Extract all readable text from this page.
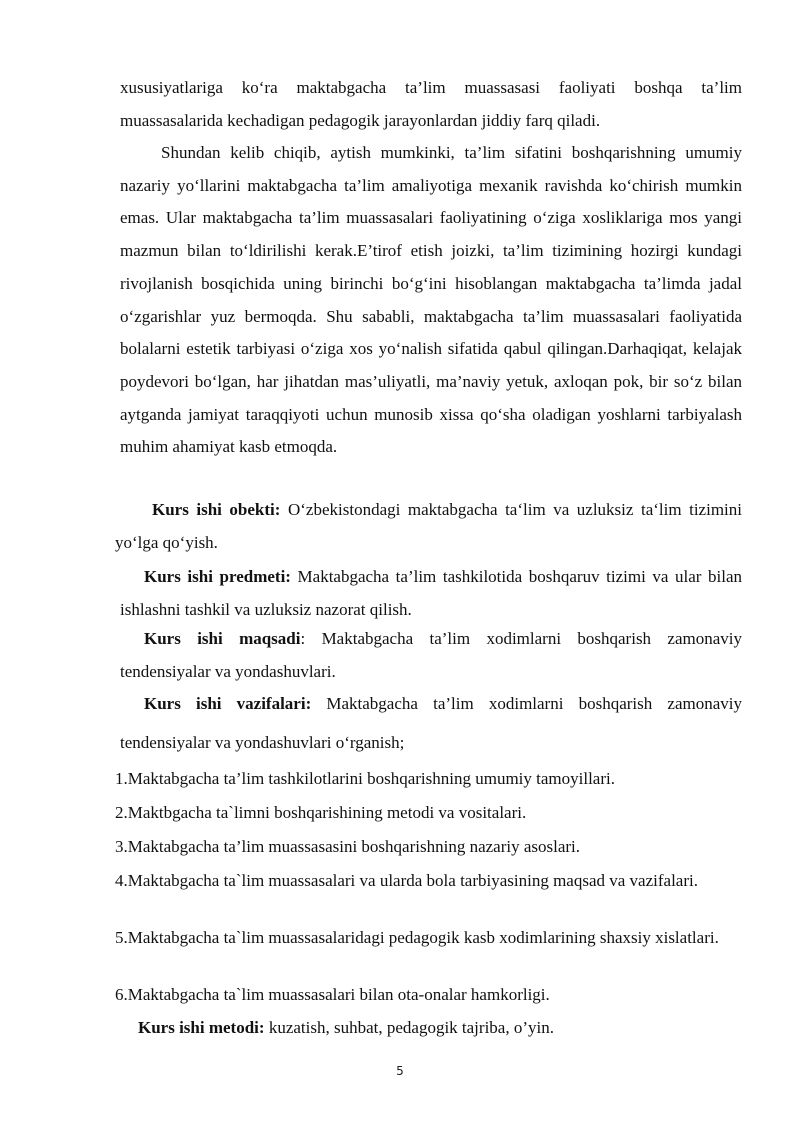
xususiyatlariga ko‘ra maktabgacha ta’lim muassasasi faoliyati boshqa ta’lim muassasalarida kechadigan pedagogik jarayonlardan jiddiy farq qiladi.

Shundan kelib chiqib, aytish mumkinki, ta’lim sifatini boshqarishning umumiy nazariy yo‘llarini maktabgacha ta’lim amaliyotiga mexanik ravishda ko‘chirish mumkin emas. Ular maktabgacha ta’lim muassasalari faoliyatining o‘ziga xosliklariga mos yangi mazmun bilan to‘ldirilishi kerak.E’tirof etish joizki, ta’lim tizimining hozirgi kundagi rivojlanish bosqichida uning birinchi bo‘g‘ini hisoblangan maktabgacha ta’limda jadal o‘zgarishlar yuz bermoqda. Shu sababli, maktabgacha ta’lim muassasalari faoliyatida bolalarni estetik tarbiyasi o‘ziga xos yo‘nalish sifatida qabul qilingan.Darhaqiqat, kelajak poydevori bo‘lgan, har jihatdan mas’uliyatli, ma’naviy yetuk, axloqan pok, bir so‘z bilan aytganda jamiyat taraqqiyoti uchun munosib xissa qo‘sha oladigan yoshlarni tarbiyalash muhim ahamiyat kasb etmoqda.

Kurs ishi obekti: O‘zbekistondagi maktabgacha ta‘lim va uzluksiz ta‘lim tizimini yo‘lga qo‘yish.

Kurs ishi predmeti: Maktabgacha ta’lim tashkilotida boshqaruv tizimi va ular bilan ishlashni tashkil va uzluksiz nazorat qilish.

Kurs ishi maqsadi: Maktabgacha ta’lim xodimlarni boshqarish zamonaviy tendensiyalar va yondashuvlari.

Kurs ishi vazifalari: Maktabgacha ta’lim xodimlarni boshqarish zamonaviy tendensiyalar va yondashuvlari o‘rganish;

1.Maktabgacha ta’lim tashkilotlarini boshqarishning umumiy tamoyillari.

2.Maktbgacha ta`limni boshqarishining metodi va vositalari.

3.Maktabgacha ta’lim muassasasini boshqarishning nazariy asoslari.

4.Maktabgacha ta`lim muassasalari va ularda bola tarbiyasining maqsad va vazifalari.

5.Maktabgacha ta`lim muassasalaridagi pedagogik kasb xodimlarining shaxsiy xislatlari.

6.Maktabgacha ta`lim muassasalari bilan ota-onalar hamkorligi.

Kurs ishi metodi: kuzatish, suhbat, pedagogik tajriba, o’yin.

5
